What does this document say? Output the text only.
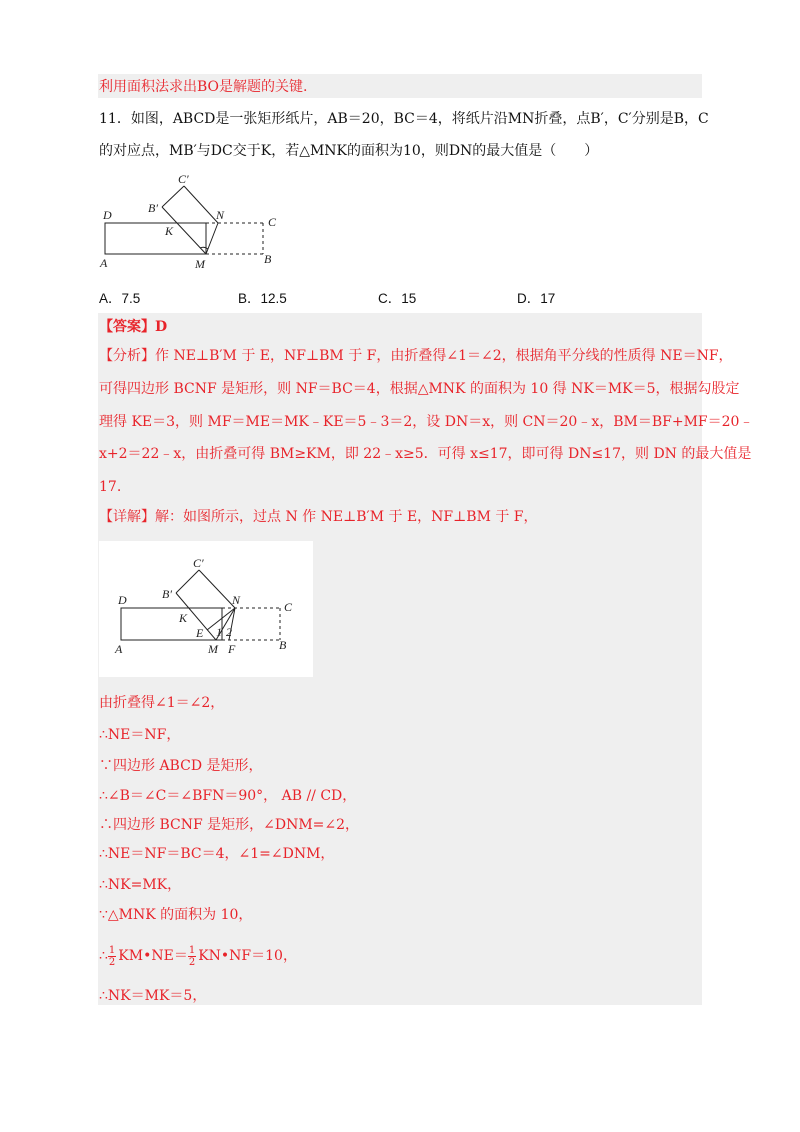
利用面积法求出BO是解题的关键.
11．如图，ABCD是一张矩形纸片，AB＝20，BC＝4，将纸片沿MN折叠，点B′，C′分别是B，C
的对应点，MB′与DC交于K，若△MNK的面积为10，则DN的最大值是（　　）
D
A
C
B
M
N
K
B′
C′
A．7.5	B．12.5	C．15	D．17
【答案】D
【分析】作 NE⊥B′M 于 E，NF⊥BM 于 F，由折叠得∠1＝∠2，根据角平分线的性质得 NE＝NF，
可得四边形 BCNF 是矩形，则 NF＝BC＝4，根据△MNK 的面积为 10 得 NK＝MK＝5，根据勾股定
理得 KE＝3，则 MF＝ME＝MK﹣KE＝5﹣3＝2，设 DN＝x，则 CN＝20﹣x，BM＝BF+MF＝20﹣
x+2＝22﹣x，由折叠可得 BM≥KM，即 22﹣x≥5．可得 x≤17，即可得 DN≤17，则 DN 的最大值是
17.
【详解】解：如图所示，过点 N 作 NE⊥B′M 于 E，NF⊥BM 于 F，
D
A
C
B
M F
N
K
E
B′
C′
1 2
由折叠得∠1＝∠2，
∴NE＝NF，
∵四边形 ABCD 是矩形，
∴∠B＝∠C＝∠BFN＝90°， AB // CD，
∴四边形 BCNF 是矩形，∠DNM=∠2，
∴NE＝NF＝BC＝4，∠1=∠DNM，
∴NK=MK，
∵△MNK 的面积为 10，
∴ $\frac{1}{2}$ KM•NE＝ $\frac{1}{2}$ KN•NF＝10，
∴NK＝MK＝5，
